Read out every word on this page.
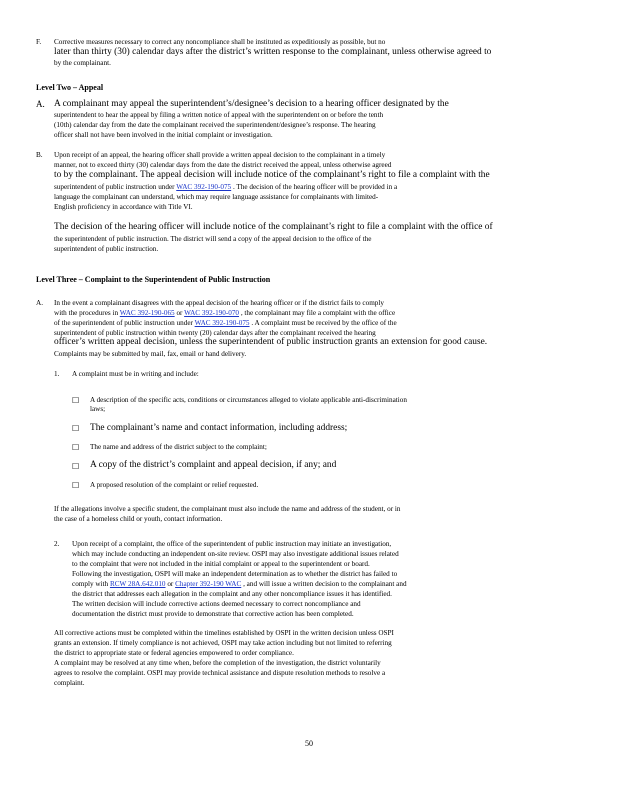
F. Corrective measures necessary to correct any noncompliance shall be instituted as expeditiously as possible, but no
later than thirty (30) calendar days after the district’s written response to the complainant, unless otherwise agreed to
by the complainant.
Level Two – Appeal
A. A complainant may appeal the superintendent’s/designee’s decision to a hearing officer designated by the
superintendent to hear the appeal by filing a written notice of appeal with the superintendent on or before the tenth
(10th) calendar day from the date the complainant received the superintendent/designee’s response. The hearing
officer shall not have been involved in the initial complaint or investigation.
B. Upon receipt of an appeal, the hearing officer shall provide a written appeal decision to the complainant in a timely
manner, not to exceed thirty (30) calendar days from the date the district received the appeal, unless otherwise agreed
to by the complainant. The appeal decision will include notice of the complainant’s right to file a complaint with the
superintendent of public instruction under WAC 392-190-075 . The decision of the hearing officer will be provided in a
language the complainant can understand, which may require language assistance for complainants with limited-
English proficiency in accordance with Title VI.
The decision of the hearing officer will include notice of the complainant’s right to file a complaint with the office of
the superintendent of public instruction. The district will send a copy of the appeal decision to the office of the
superintendent of public instruction.
Level Three – Complaint to the Superintendent of Public Instruction
A. In the event a complainant disagrees with the appeal decision of the hearing officer or if the district fails to comply
with the procedures in WAC 392-190-065 or WAC 392-190-070 , the complainant may file a complaint with the office
of the superintendent of public instruction under WAC 392-190-075 . A complaint must be received by the office of the
superintendent of public instruction within twenty (20) calendar days after the complainant received the hearing
officer’s written appeal decision, unless the superintendent of public instruction grants an extension for good cause.
Complaints may be submitted by mail, fax, email or hand delivery.
1. A complaint must be in writing and include:
☐ A description of the specific acts, conditions or circumstances alleged to violate applicable anti-discrimination
laws;
☐ The complainant’s name and contact information, including address;
☐ The name and address of the district subject to the complaint;
☐ A copy of the district’s complaint and appeal decision, if any; and
☐ A proposed resolution of the complaint or relief requested.
If the allegations involve a specific student, the complainant must also include the name and address of the student, or in
the case of a homeless child or youth, contact information.
2. Upon receipt of a complaint, the office of the superintendent of public instruction may initiate an investigation,
which may include conducting an independent on-site review. OSPI may also investigate additional issues related
to the complaint that were not included in the initial complaint or appeal to the superintendent or board.
Following the investigation, OSPI will make an independent determination as to whether the district has failed to
comply with RCW 28A.642.010 or Chapter 392-190 WAC , and will issue a written decision to the complainant and
the district that addresses each allegation in the complaint and any other noncompliance issues it has identified.
The written decision will include corrective actions deemed necessary to correct noncompliance and
documentation the district must provide to demonstrate that corrective action has been completed.
All corrective actions must be completed within the timelines established by OSPI in the written decision unless OSPI
grants an extension. If timely compliance is not achieved, OSPI may take action including but not limited to referring
the district to appropriate state or federal agencies empowered to order compliance.
A complaint may be resolved at any time when, before the completion of the investigation, the district voluntarily
agrees to resolve the complaint. OSPI may provide technical assistance and dispute resolution methods to resolve a
complaint.
50
